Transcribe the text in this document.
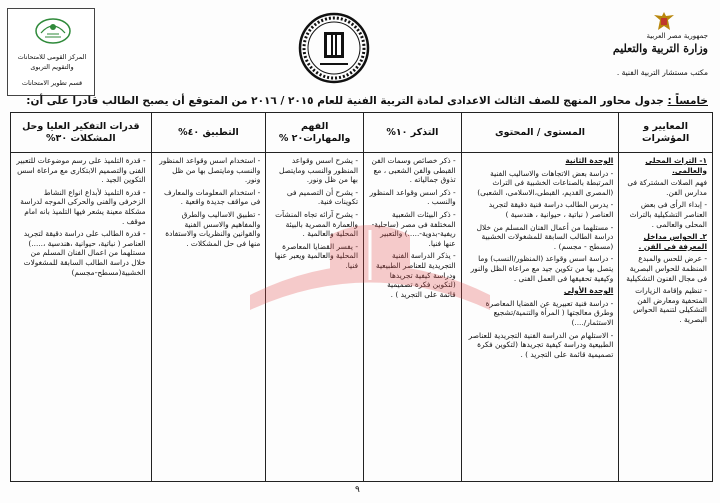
المركز القومى للامتحانات
والتقويم التربوى
قسم تطوير الامتحانات
جمهورية مصر العربية
وزارة التربية والتعليم
مكتب مستشار التربية الفنية .
خامساً : جدول محاور المنهج للصف الثالث الاعدادى لمادة التربية الفنية للعام ٢٠١٥ / ٢٠١٦ من المتوقع أن يصبح الطالب قادرا على أن:
المعايير و المؤشرات

١- التراث المحلى والعالمى.

فهم الصلات المشتركة فى مدارس الفن.

- إبداء الرأى فى بعض العناصر التشكيلية بالتراث المحلى والعالمى .

٢ـ الحواس مداخل المعرفة فى الفن .

- عرض للحس والمبدع المنظمة للحواس البصرية فى مجال الفنون التشكيلية

- تنظيم وإقامة الزيارات المتحفية ومعارض الفن التشكيلى لتنمية الحواس البصرية .

المستوى / المحتوى

الوحدة الثانية

- دراسة بعض الاتجاهات والاساليب الفنية المرتبطة بالصناعات الخشبية فى التراث (المصرى القديم، القبطى،الاسلامى، الشعبى)

- يدرس الطالب دراسة فنية دقيقة لتجريد العناصر ( نباتية ، حيوانية ، هندسية )

- مستلهما من أعمال الفنان المسلم من خلال دراسة الطالب السابقة للمشغولات الخشبية (مسطح - مجسم) .

- دراسة اسس وقواعد (المنظور/النسب) وما يتصل بها من تكوين جيد مع مراعاة الظل والنور وكيفية تحقيقها فى العمل الفنى .

الوحدة الأولى

- دراسة فنية تعبيرية عن القضايا المعاصرة وطرق معالجتها ( المرأة والتنمية/تشجيع الاستثمار/....)

- الاستلهام من الدراسة الفنية التجريدية للعناصر الطبيعية ودراسة كيفية تجريدها (لتكوين فكرة تصميمية قائمة على التجريد ) .

التذكر ١٠%

- ذكر خصائص وسمات الفن القبطى والفن الشعبى ، مع تذوق جمالياته .

- ذكر اسس وقواعد المنظور والنسب .

- ذكر البيئات الشعبية المختلفة فى مصر (ساحلية-ريفية-بدوية-.....) والتعبير عنها فنيا.

- يذكر الدراسة الفنية التجريدية للعناصر الطبيعية ودراسة كيفية تجريدها (لتكوين فكرة تصميمية قائمة على التجريد ) .

الفهم والمهارات٢٠ %

- يشرح اسس وقواعد المنظور والنسب ومايتصل بها من ظل ونور.

- يشرح أن التصميم فى تكوينات فنية.

- يشرح آرائه تجاه المنشآت والعمارة المصرية بالبيئة المحلية والعالمية .

- يفسر القضايا المعاصرة المحلية والعالمية ويعبر عنها فنيا.

التطبيق ٤٠%

- استخدام اسس وقواعد المنظور والنسب ومايتصل بها من ظل ونور.

- استخدام المعلومات والمعارف فى مواقف جديدة واقعية .

- تطبيق الاساليب والطرق والمفاهيم والاسس الفنية والقوانين والنظريات والاستفادة منها فى حل المشكلات .

قدرات التفكير العليا وحل المشكلات ٣٠%

- قدرة التلميذ على رسم موضوعات للتعبير الفنى والتصميم الابتكارى مع مراعاة اسس التكوين الجيد .

- قدرة التلميذ لأبداع انواع النشاط الزخرفى والفنى والحركى الموجه لدراسة مشكلة معينة يشعر فيها التلميذ بانه امام موقف .

- قدرة الطالب على دراسة دقيقة لتجريد العناصر ( نباتية، حيوانية ،هندسية ،.....) مستلهما من اعمال الفنان المسلم من خلال دراسة الطالب السابقة للمشغولات الخشبية(مسطح-مجسم)

٩
